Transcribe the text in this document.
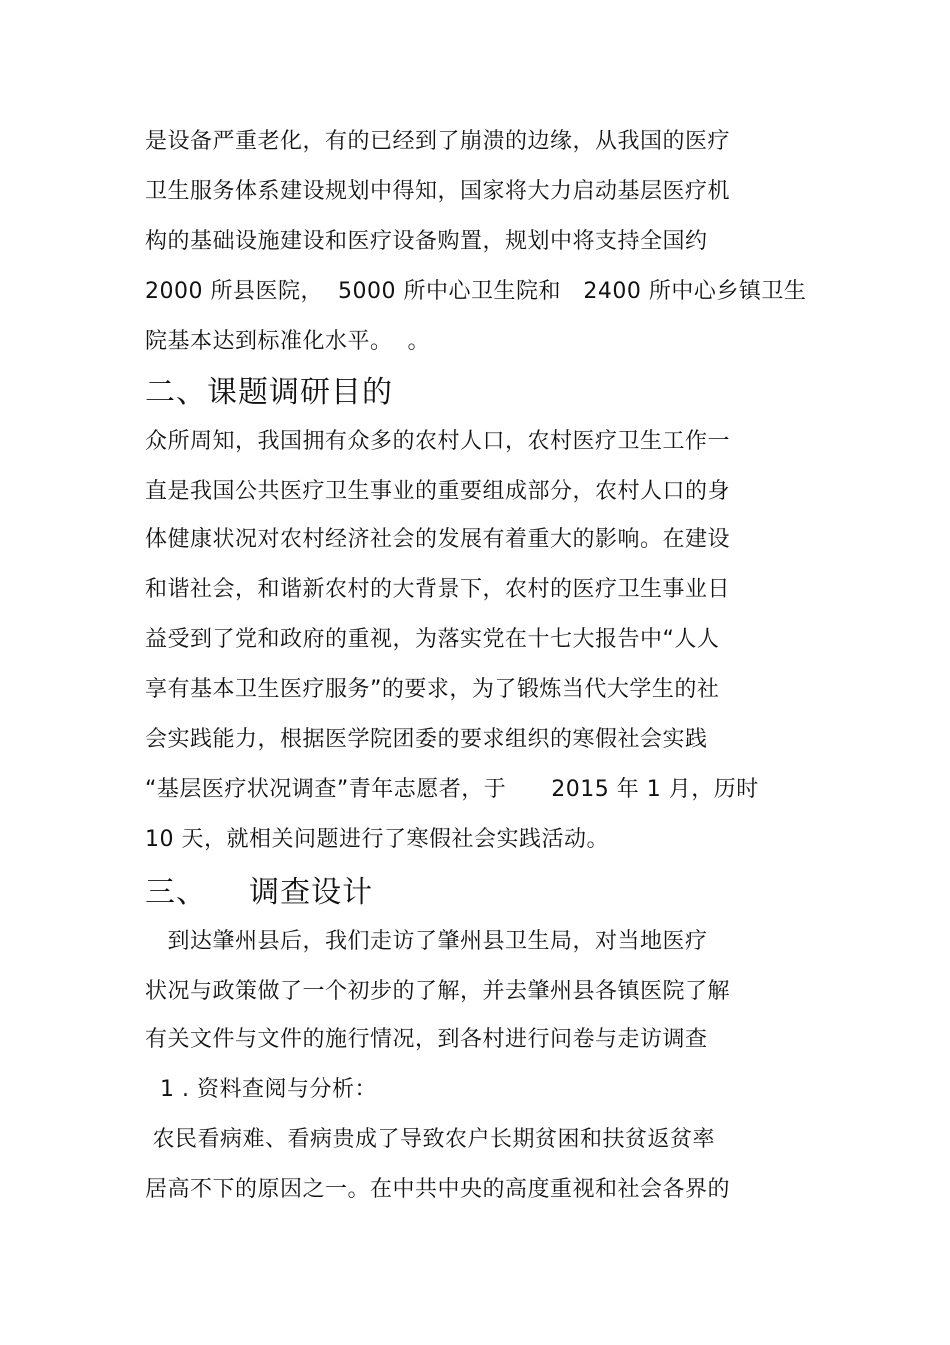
是设备严重老化，有的已经到了崩溃的边缘，从我国的医疗
卫生服务体系建设规划中得知，国家将大力启动基层医疗机
构的基础设施建设和医疗设备购置，规划中将支持全国约
2000 所县医院，  5000 所中心卫生院和   2400 所中心乡镇卫生
院基本达到标准化水平。  。
二、课题调研目的
众所周知，我国拥有众多的农村人口，农村医疗卫生工作一
直是我国公共医疗卫生事业的重要组成部分，农村人口的身
体健康状况对农村经济社会的发展有着重大的影响。在建设
和谐社会，和谐新农村的大背景下，农村的医疗卫生事业日
益受到了党和政府的重视，为落实党在十七大报告中“人人
享有基本卫生医疗服务”的要求，为了锻炼当代大学生的社
会实践能力，根据医学院团委的要求组织的寒假社会实践
“基层医疗状况调查”青年志愿者，于      2015 年 1 月，历时
10 天，就相关问题进行了寒假社会实践活动。
三、    调查设计
到达肇州县后，我们走访了肇州县卫生局，对当地医疗
状况与政策做了一个初步的了解，并去肇州县各镇医院了解
有关文件与文件的施行情况，到各村进行问卷与走访调查
1 . 资料查阅与分析：
农民看病难、看病贵成了导致农户长期贫困和扶贫返贫率
居高不下的原因之一。在中共中央的高度重视和社会各界的
